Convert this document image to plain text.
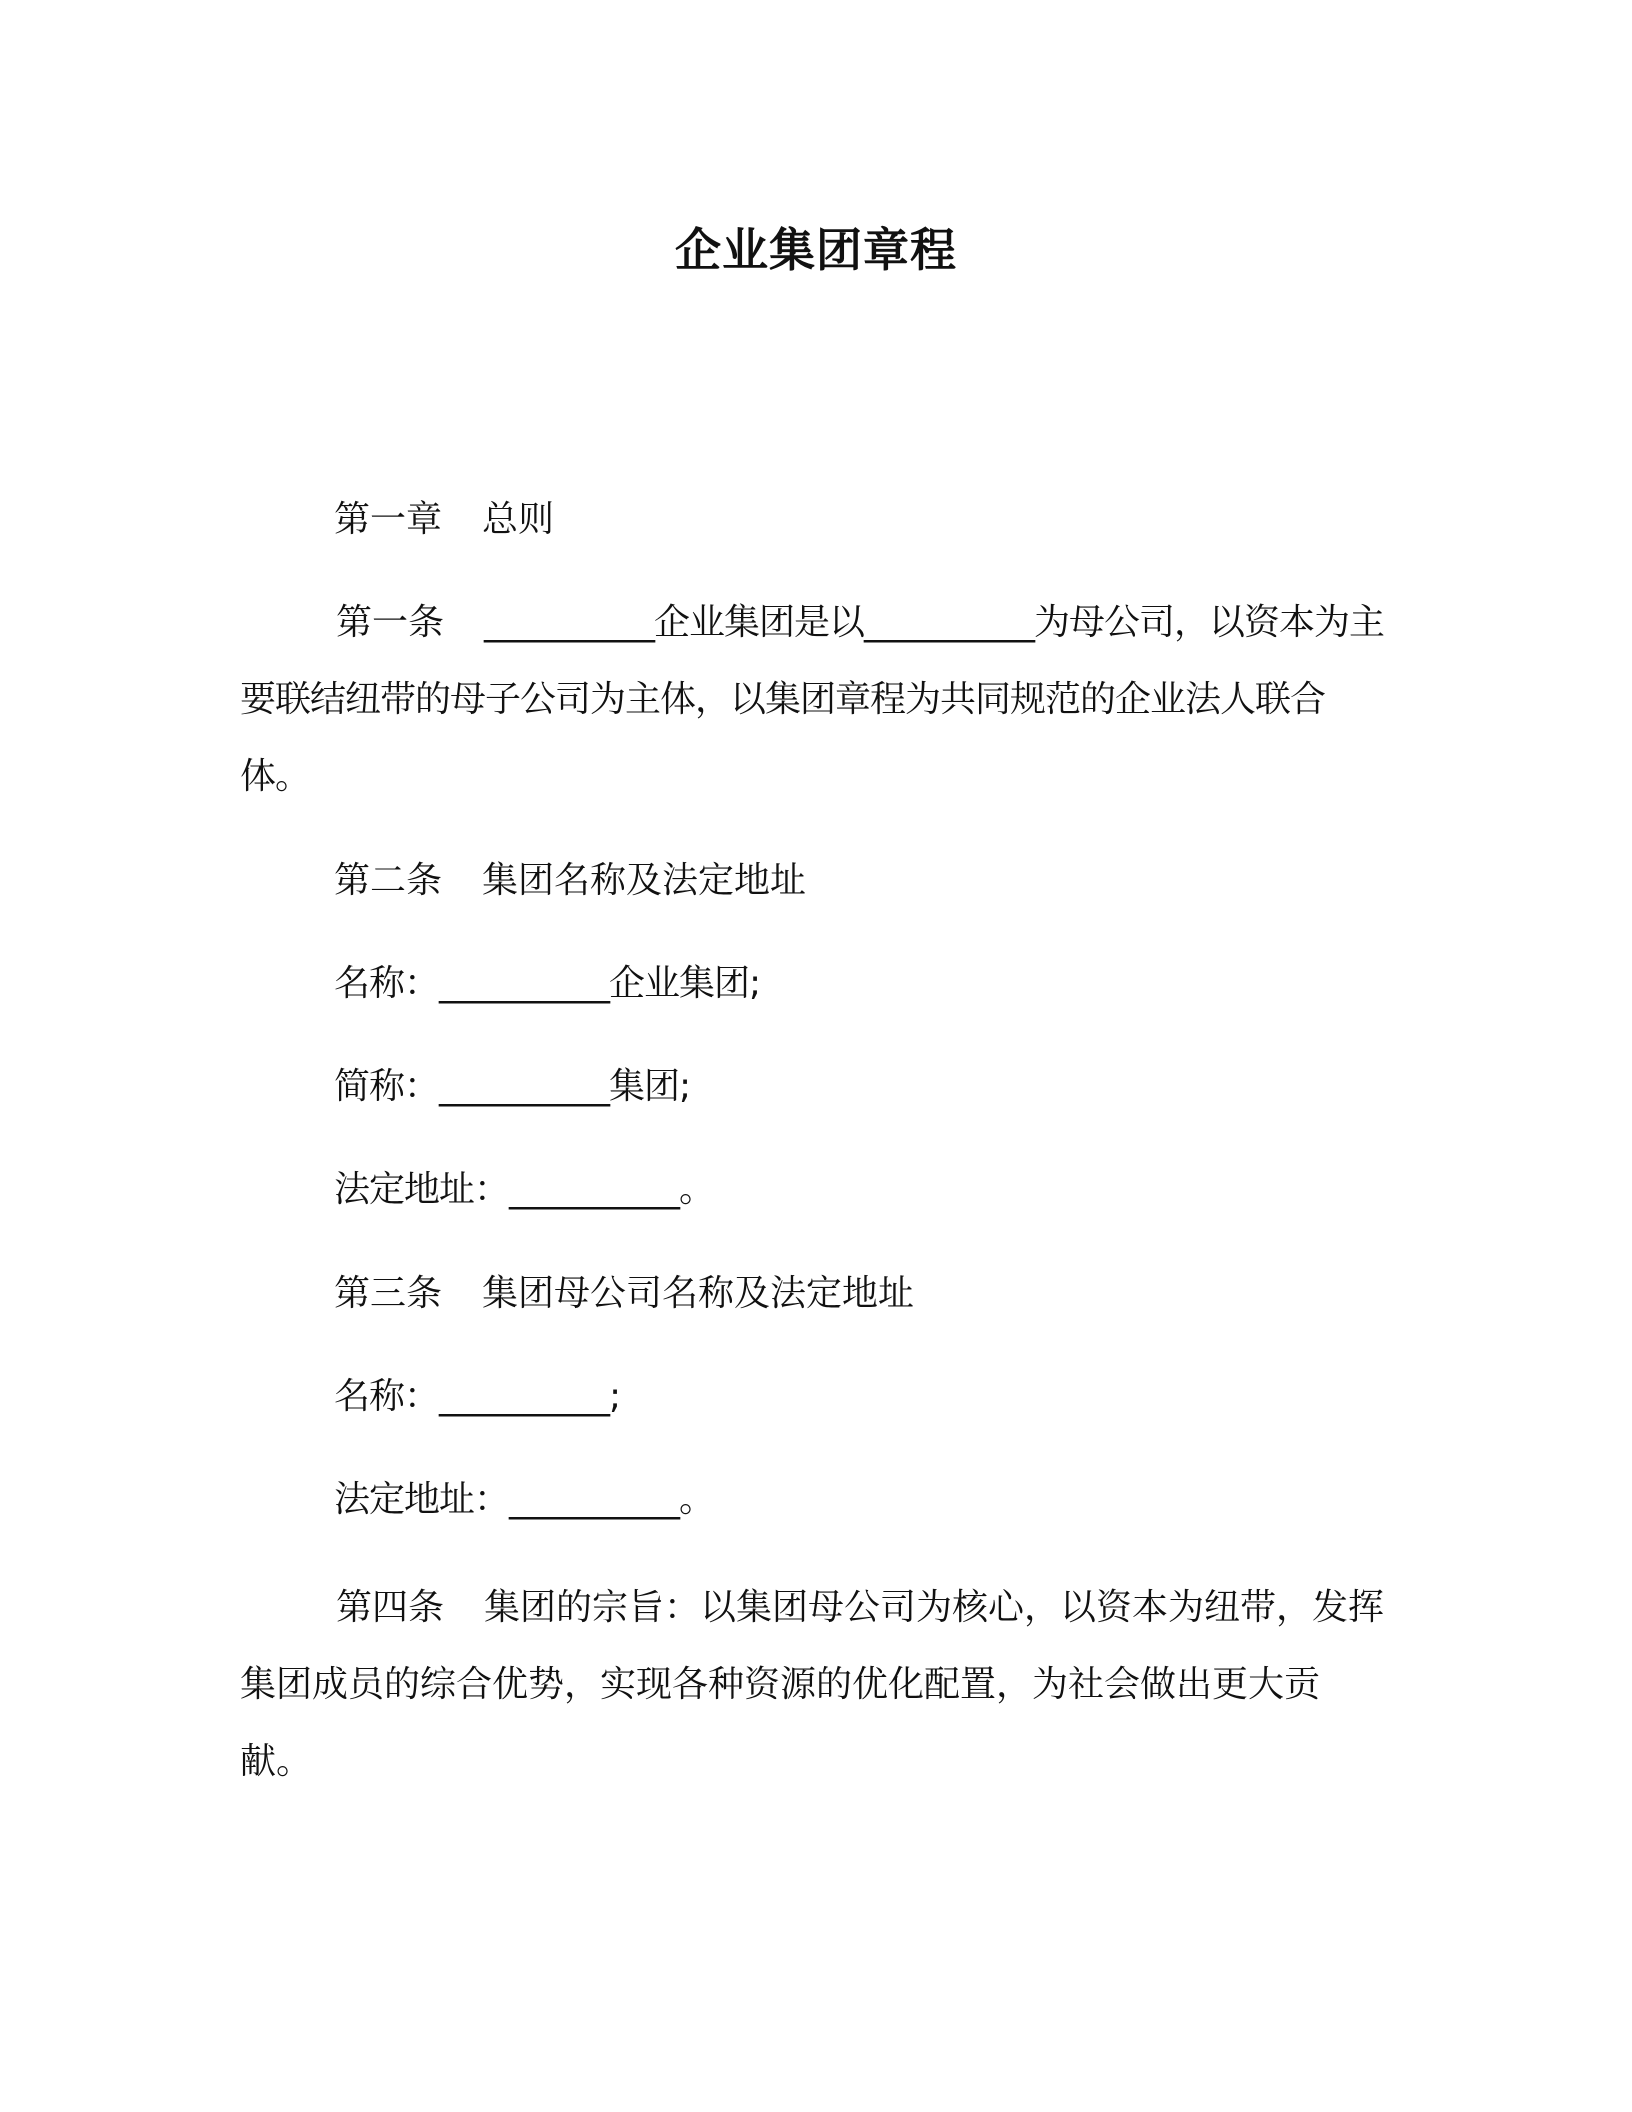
企业集团章程
第一章 总则
第一条 __________企业集团是以__________为母公司，以资本为主要联结纽带的母子公司为主体，以集团章程为共同规范的企业法人联合体。
第二条 集团名称及法定地址
名称：__________企业集团;
简称：__________集团;
法定地址：__________。
第三条 集团母公司名称及法定地址
名称：__________;
法定地址：__________。
第四条 集团的宗旨：以集团母公司为核心，以资本为纽带，发挥集团成员的综合优势，实现各种资源的优化配置，为社会做出更大贡献。
